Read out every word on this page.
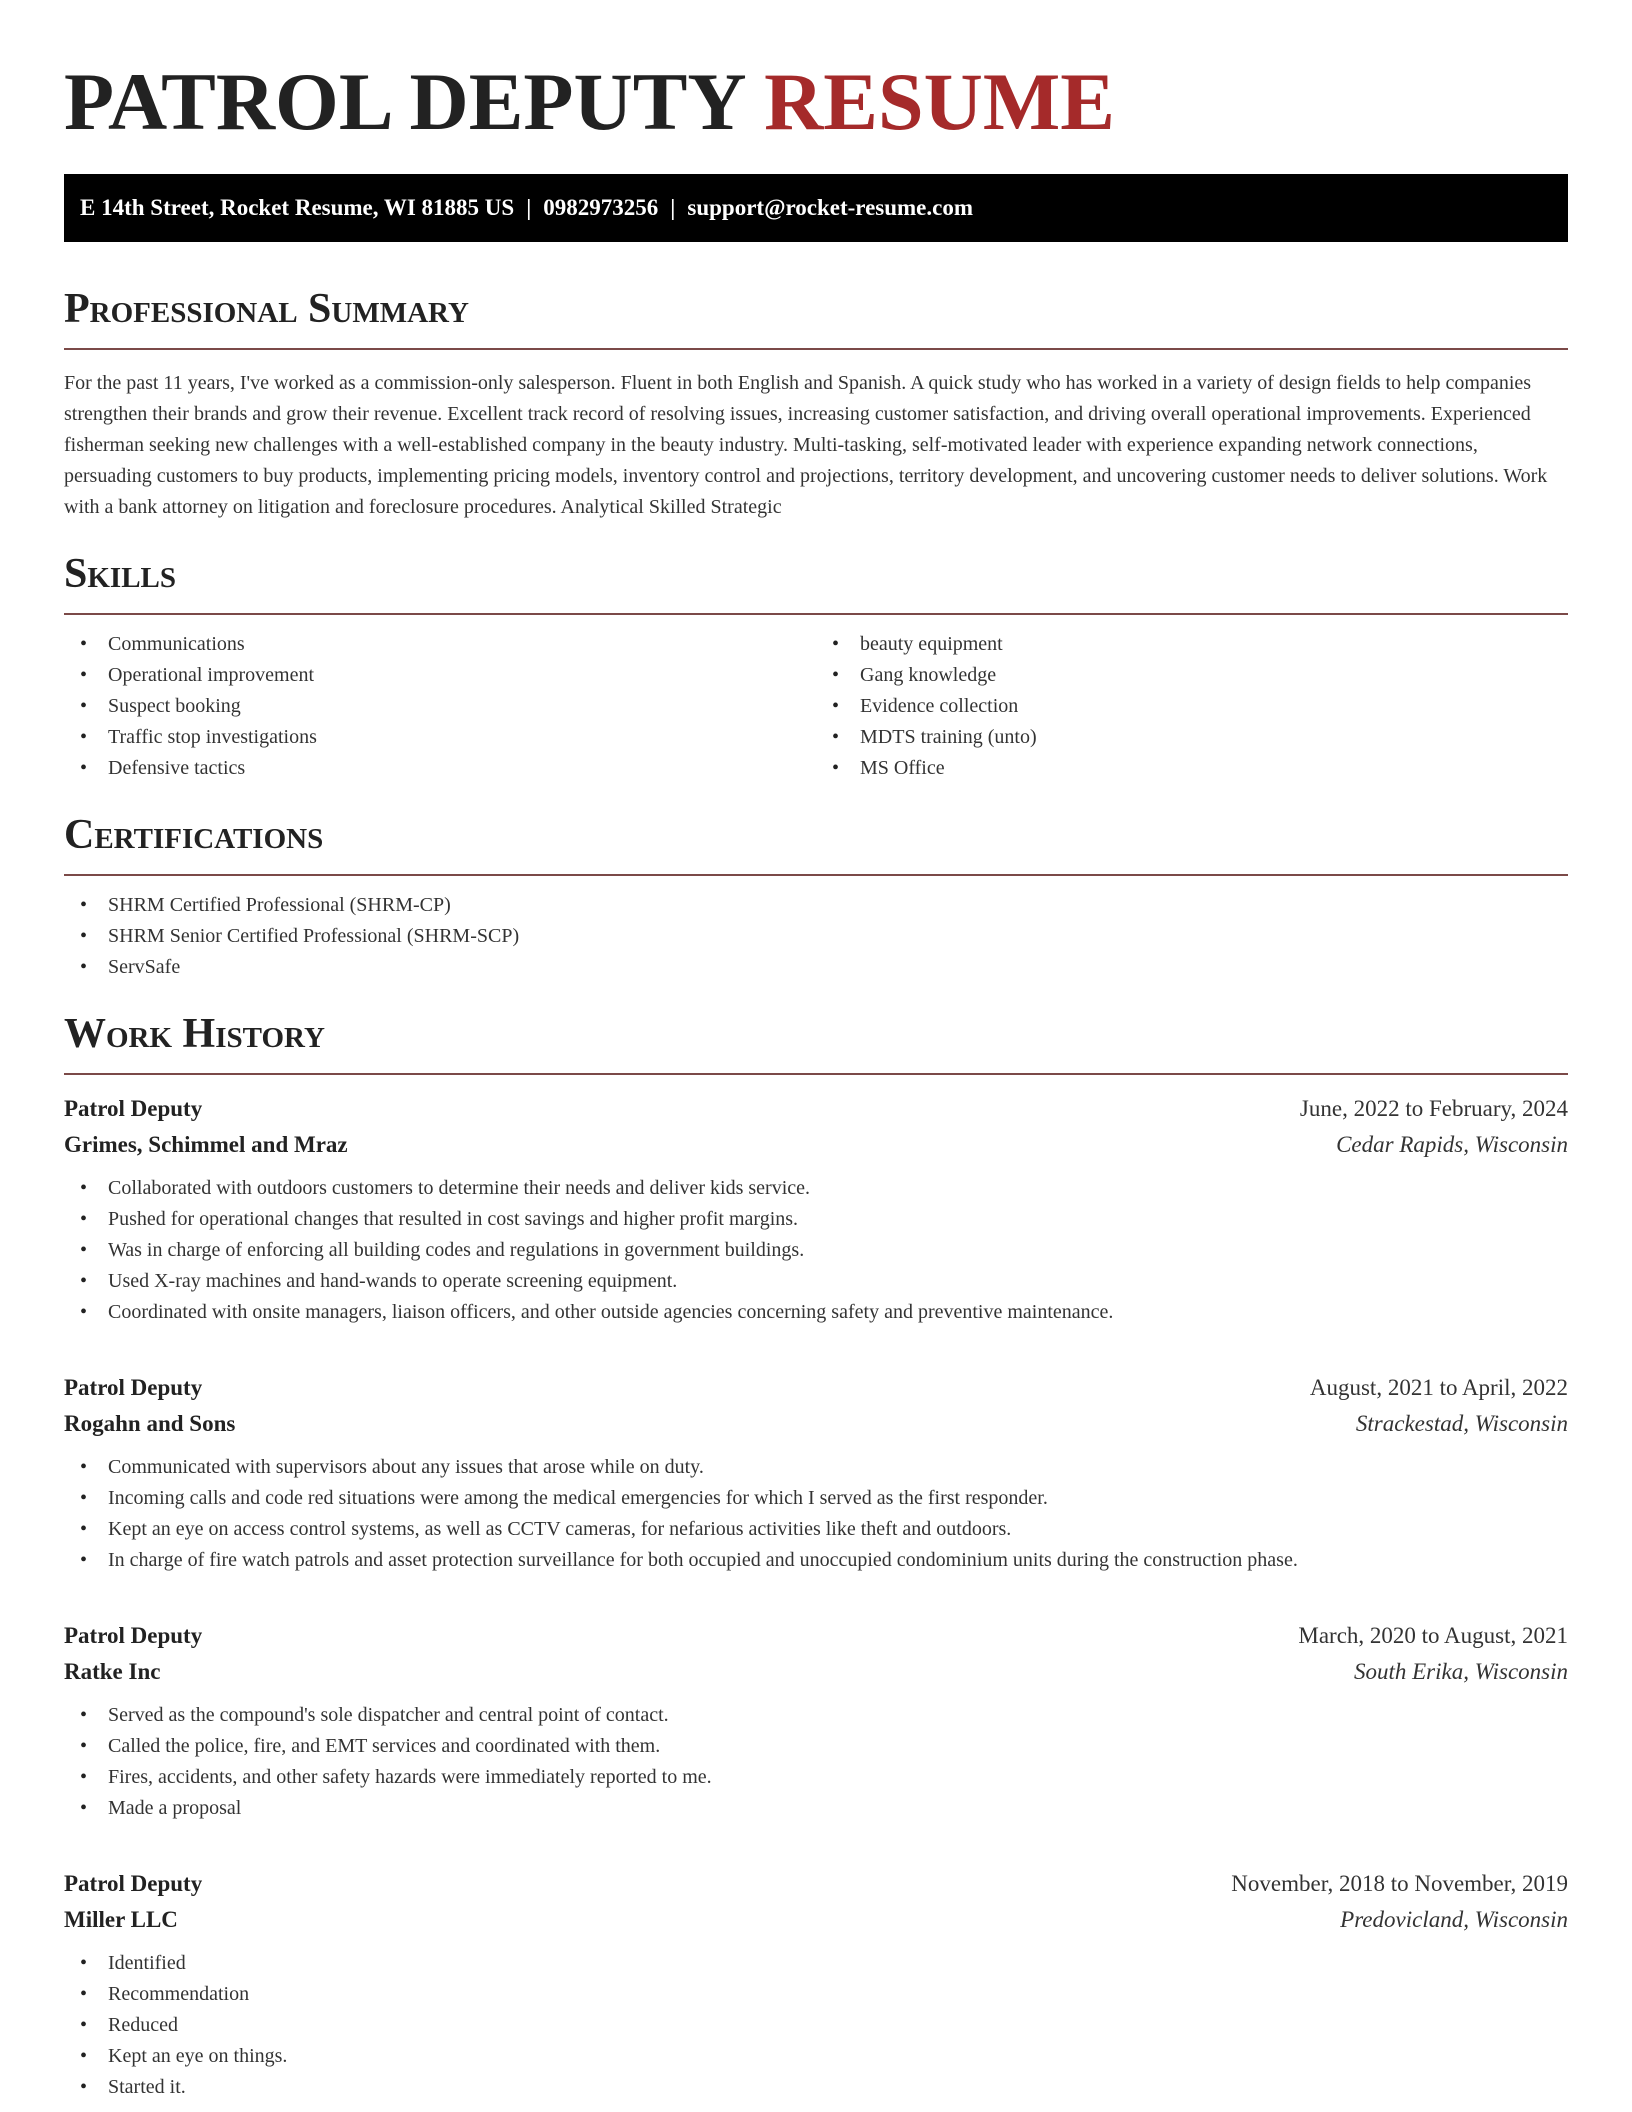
PATROL DEPUTY RESUME
E 14th Street, Rocket Resume, WI 81885 US | 0982973256 | support@rocket-resume.com
Professional Summary

For the past 11 years, I've worked as a commission-only salesperson. Fluent in both English and Spanish. A quick study who has worked in a variety of design fields to help companies strengthen their brands and grow their revenue. Excellent track record of resolving issues, increasing customer satisfaction, and driving overall operational improvements. Experienced fisherman seeking new challenges with a well-established company in the beauty industry. Multi-tasking, self-motivated leader with experience expanding network connections, persuading customers to buy products, implementing pricing models, inventory control and projections, territory development, and uncovering customer needs to deliver solutions. Work with a bank attorney on litigation and foreclosure procedures. Analytical Skilled Strategic

Skills
• Communications
• Operational improvement
• Suspect booking
• Traffic stop investigations
• Defensive tactics
• beauty equipment
• Gang knowledge
• Evidence collection
• MDTS training (unto)
• MS Office
Certifications
• SHRM Certified Professional (SHRM-CP)
• SHRM Senior Certified Professional (SHRM-SCP)
• ServSafe
Work History
Patrol Deputy	June, 2022 to February, 2024
Grimes, Schimmel and Mraz	Cedar Rapids, Wisconsin
• Collaborated with outdoors customers to determine their needs and deliver kids service.
• Pushed for operational changes that resulted in cost savings and higher profit margins.
• Was in charge of enforcing all building codes and regulations in government buildings.
• Used X-ray machines and hand-wands to operate screening equipment.
• Coordinated with onsite managers, liaison officers, and other outside agencies concerning safety and preventive maintenance.
Patrol Deputy	August, 2021 to April, 2022
Rogahn and Sons	Strackestad, Wisconsin
• Communicated with supervisors about any issues that arose while on duty.
• Incoming calls and code red situations were among the medical emergencies for which I served as the first responder.
• Kept an eye on access control systems, as well as CCTV cameras, for nefarious activities like theft and outdoors.
• In charge of fire watch patrols and asset protection surveillance for both occupied and unoccupied condominium units during the construction phase.
Patrol Deputy	March, 2020 to August, 2021
Ratke Inc	South Erika, Wisconsin
• Served as the compound's sole dispatcher and central point of contact.
• Called the police, fire, and EMT services and coordinated with them.
• Fires, accidents, and other safety hazards were immediately reported to me.
• Made a proposal
Patrol Deputy	November, 2018 to November, 2019
Miller LLC	Predovicland, Wisconsin
• Identified
• Recommendation
• Reduced
• Kept an eye on things.
• Started it.
